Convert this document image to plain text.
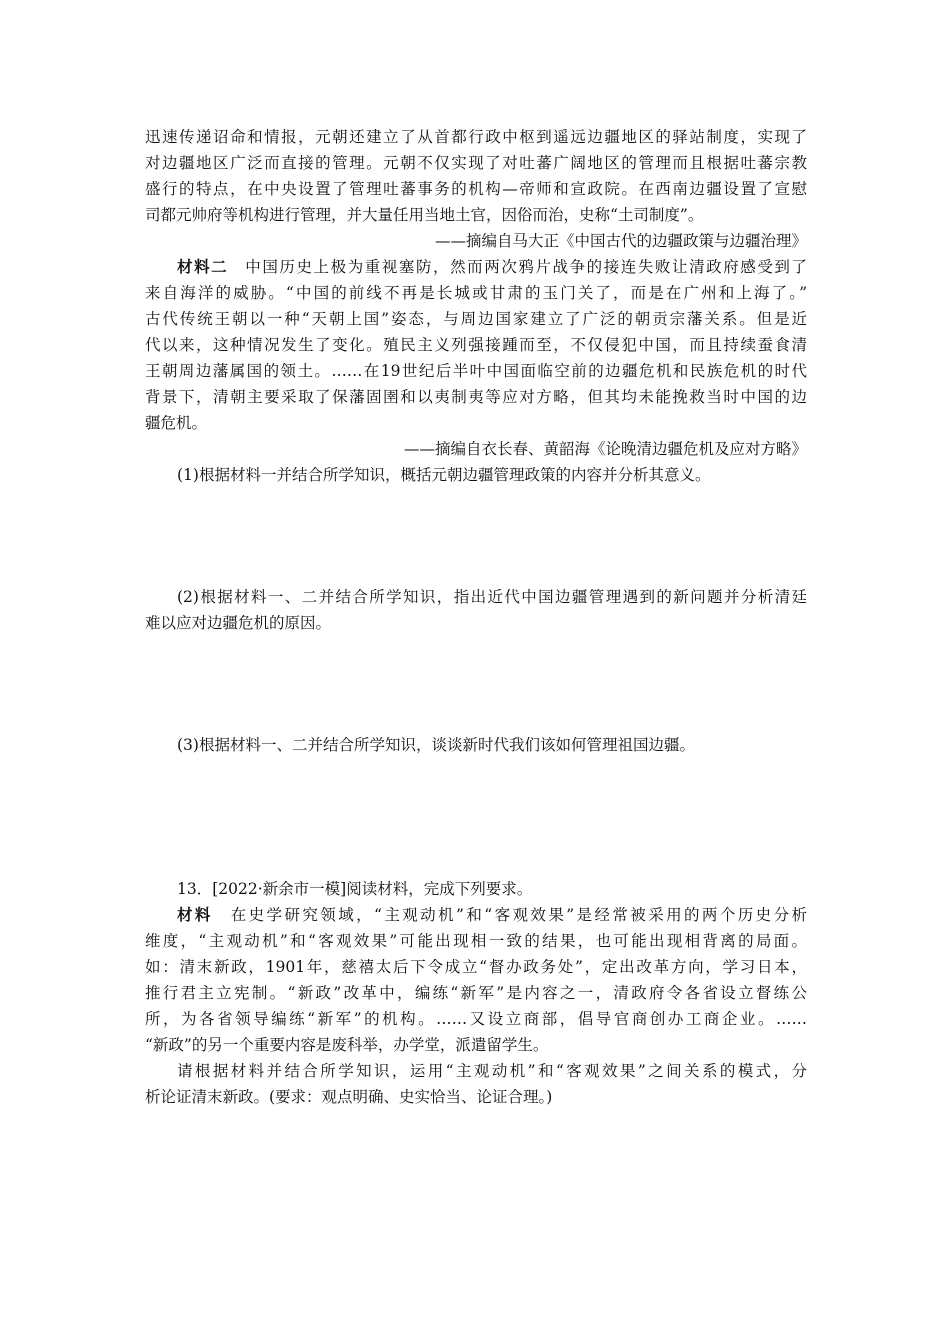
迅速传递诏命和情报，元朝还建立了从首都行政中枢到遥远边疆地区的驿站制度，实现了
对边疆地区广泛而直接的管理。元朝不仅实现了对吐蕃广阔地区的管理而且根据吐蕃宗教
盛行的特点，在中央设置了管理吐蕃事务的机构—帝师和宣政院。在西南边疆设置了宣慰
司都元帅府等机构进行管理，并大量任用当地土官，因俗而治，史称“土司制度”。
——摘编自马大正《中国古代的边疆政策与边疆治理》
材料二  中国历史上极为重视塞防，然而两次鸦片战争的接连失败让清政府感受到了
来自海洋的威胁。“中国的前线不再是长城或甘肃的玉门关了，而是在广州和上海了。”
古代传统王朝以一种“天朝上国”姿态，与周边国家建立了广泛的朝贡宗藩关系。但是近
代以来，这种情况发生了变化。殖民主义列强接踵而至，不仅侵犯中国，而且持续蚕食清
王朝周边藩属国的领土。……在19世纪后半叶中国面临空前的边疆危机和民族危机的时代
背景下，清朝主要采取了保藩固圉和以夷制夷等应对方略，但其均未能挽救当时中国的边
疆危机。
——摘编自衣长春、黄韶海《论晚清边疆危机及应对方略》
(1)根据材料一并结合所学知识，概括元朝边疆管理政策的内容并分析其意义。
(2)根据材料一、二并结合所学知识，指出近代中国边疆管理遇到的新问题并分析清廷
难以应对边疆危机的原因。
(3)根据材料一、二并结合所学知识，谈谈新时代我们该如何管理祖国边疆。
13．[2022·新余市一模]阅读材料，完成下列要求。
材料  在史学研究领域，“主观动机”和“客观效果”是经常被采用的两个历史分析
维度，“主观动机”和“客观效果”可能出现相一致的结果，也可能出现相背离的局面。
如：清末新政，1901年，慈禧太后下令成立“督办政务处”，定出改革方向，学习日本，
推行君主立宪制。“新政”改革中，编练“新军”是内容之一，清政府令各省设立督练公
所，为各省领导编练“新军”的机构。……又设立商部，倡导官商创办工商企业。……
“新政”的另一个重要内容是废科举，办学堂，派遣留学生。
请根据材料并结合所学知识，运用“主观动机”和“客观效果”之间关系的模式，分
析论证清末新政。(要求：观点明确、史实恰当、论证合理。)
